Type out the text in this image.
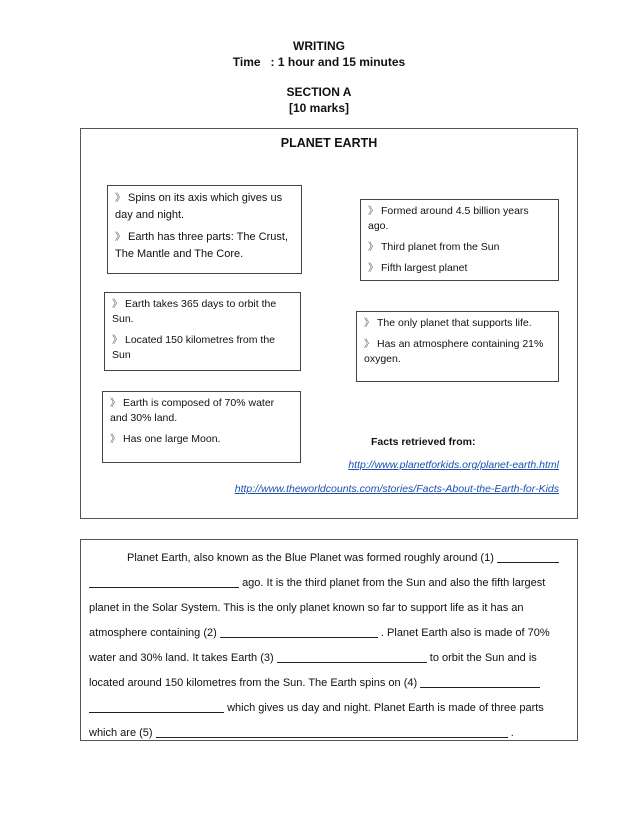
WRITING
Time   : 1 hour and 15 minutes
SECTION A
[10 marks]
PLANET EARTH

》 Spins on its axis which gives us day and night.

》 Earth has three parts: The Crust, The Mantle and The Core.

》 Formed around 4.5 billion years ago.

》 Third planet from the Sun

》 Fifth largest planet

》 Earth takes 365 days to orbit the Sun.

》 Located 150 kilometres from the Sun

》 The only planet that supports life.

》 Has an atmosphere containing 21% oxygen.

》 Earth is composed of 70% water and 30% land.

》 Has one large Moon.	Facts retrieved from:
http://www.planetforkids.org/planet-earth.html
http://www.theworldcounts.com/stories/Facts-About-the-Earth-for-Kids
Planet Earth, also known as the Blue Planet was formed roughly around (1)
ago. It is the third planet from the Sun and also the fifth largest
planet in the Solar System. This is the only planet known so far to support life as it has an
atmosphere containing (2)	. Planet Earth also is made of 70%
water and 30% land. It takes Earth (3)	to orbit the Sun and is
located around 150 kilometres from the Sun. The Earth spins on (4)
which gives us day and night. Planet Earth is made of three parts
which are (5)	.
